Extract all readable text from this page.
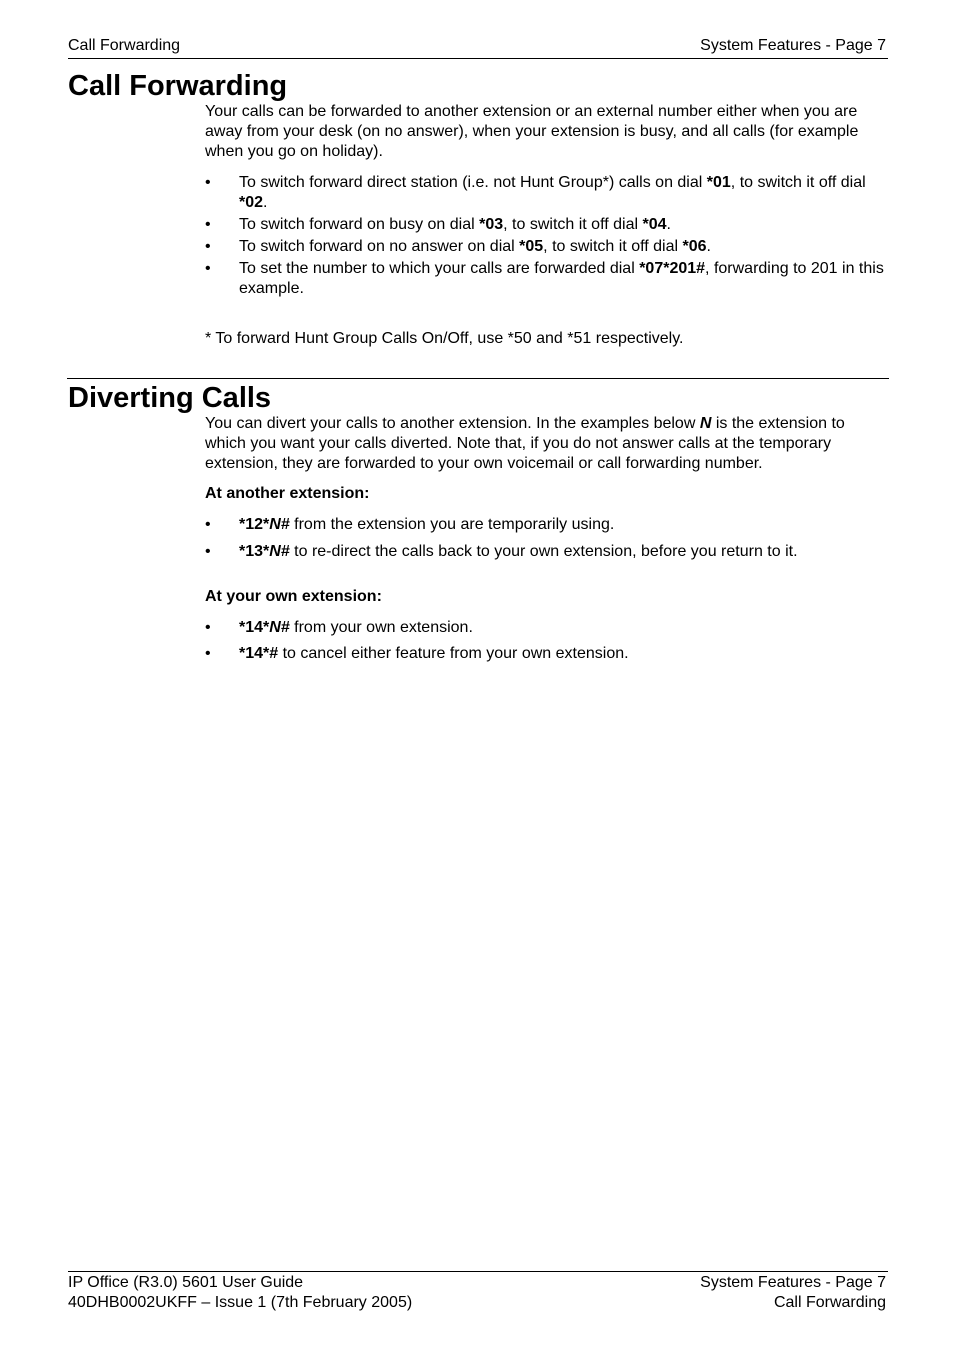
Call Forwarding	System Features - Page 7
Call Forwarding

Your calls can be forwarded to another extension or an external number either when you are away from your desk (on no answer), when your extension is busy, and all calls (for example when you go on holiday).

• To switch forward direct station (i.e. not Hunt Group*) calls on dial *01, to switch it off dial *02.
• To switch forward on busy on dial *03, to switch it off dial *04.
• To switch forward on no answer on dial *05, to switch it off dial *06.
• To set the number to which your calls are forwarded dial *07*201#, forwarding to 201 in this example.

* To forward Hunt Group Calls On/Off, use *50 and *51 respectively.

Diverting Calls

You can divert your calls to another extension. In the examples below N is the extension to which you want your calls diverted. Note that, if you do not answer calls at the temporary extension, they are forwarded to your own voicemail or call forwarding number.

At another extension:

• *12*N# from the extension you are temporarily using.
• *13*N# to re-direct the calls back to your own extension, before you return to it.

At your own extension:

• *14*N# from your own extension.
• *14*# to cancel either feature from your own extension.
IP Office (R3.0) 5601 User Guide	System Features - Page 7
40DHB0002UKFF – Issue 1 (7th February 2005)	Call Forwarding
